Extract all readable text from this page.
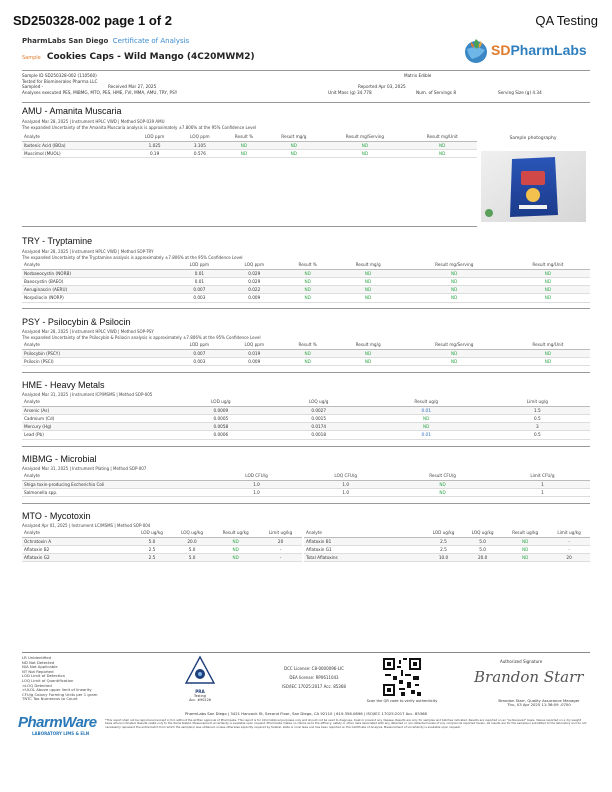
SD250328-002 page 1 of 2	QA Testing
PharmLabs San Diego Certificate of Analysis
Sample Cookies Caps - Wild Mango (4C20MWM2)	SDPharmLabs
Sample ID SD250328-002 (110560)	Matrix Edible
Tested for Biominerales Pharma LLC
Sampled -	Received Mar 27, 2025	Reported Apr 03, 2025
Analyses executed PES, MIBMG, MTO, PES, HME, FVI, MMA, AMU, TRY, PSY	Unit Mass (g) 34.778	Num. of Servings 8	Serving Size (g) 4.34
AMU - Amanita Muscaria
Analyzed Mar 28, 2025 | Instrument HPLC VWD | Method SOP-039 AMU
The expanded Uncertainty of the Amanita Muscaria analysis is approximately ±7.806% at the 95% Confidence Level
Analyte	LOD ppm	LOQ ppm	Result %	Result mg/g	Result mg/Serving	Result mg/Unit
Ibotenic Acid (IBOa)	1.025	3.105	ND	ND	ND	ND
Muscimol (MUOL)	0.19	0.576	ND	ND	ND	ND
Sample photography
TRY - Tryptamine
Analyzed Mar 28, 2025 | Instrument HPLC VWD | Method SOP-TRY
The expanded Uncertainty of the Tryptamine analysis is approximately ±7.806% at the 95% Confidence Level
Analyte	LOD ppm	LOQ ppm	Result %	Result mg/g	Result mg/Serving	Result mg/Unit
Norbaeocystin (NORB)	0.01	0.029	ND	ND	ND	ND
Baeocystin (BAEO)	0.01	0.029	ND	ND	ND	ND
Aeruginascin (AERU)	0.007	0.022	ND	ND	ND	ND
Norpsilocin (NORP)	0.003	0.009	ND	ND	ND	ND
PSY - Psilocybin & Psilocin
Analyzed Mar 28, 2025 | Instrument HPLC VWD | Method SOP-PSY
The expanded Uncertainty of the Psilocybin & Psilocin analysis is approximately ±7.806% at the 95% Confidence Level
Analyte	LOD ppm	LOQ ppm	Result %	Result mg/g	Result mg/Serving	Result mg/Unit
Psilocybin (PSCY)	0.007	0.019	ND	ND	ND	ND
Psilocin (PSCI)	0.003	0.009	ND	ND	ND	ND
HME - Heavy Metals
Analyzed Mar 31, 2025 | Instrument ICP/MSMS | Method SOP-005
Analyte	LOD ug/g	LOQ ug/g	Result ug/g	Limit ug/g
Arsenic (As)	0.0009	0.0027	0.01	1.5
Cadmium (Cd)	0.0005	0.0015	ND	0.5
Mercury (Hg)	0.0058	0.0174	ND	3
Lead (Pb)	0.0006	0.0018	0.01	0.5
MIBMG - Microbial
Analyzed Mar 31, 2025 | Instrument Plating | Method SOP-007
Analyte	LOD CFU/g	LOQ CFU/g	Result CFU/g	Limit CFU/g
Shiga toxin-producing Escherichia Coli	1.0	1.0	ND	1
Salmonella spp.	1.0	1.0	ND	1
MTO - Mycotoxin
Analyzed Apr 01, 2025 | Instrument LC/MSMS | Method SOP-004
Analyte	LOD ug/kg	LOQ ug/kg	Result ug/kg	Limit ug/kg
Ochratoxin A	5.0	20.0	ND	20
Aflatoxin B2	2.5	5.0	ND	-
Aflatoxin G2	2.5	5.0	ND	-
Analyte	LOD ug/kg	LOQ ug/kg	Result ug/kg	Limit ug/kg
Aflatoxin B1	2.5	5.0	ND	-
Aflatoxin G1	2.5	5.0	ND	-
Total Aflatoxins	10.0	20.0	ND	20
LR Unidentified
ND Not Detected
N/A Not Applicable
NT Not Reported
LOD Limit of Detection
LOQ Limit of Quantification
<LOQ Detected
>ULOL Above upper limit of linearity
CFU/g Colony Forming Units per 1 gram
TNTC Too Numerous to Count
PharmWare
LABORATORY LIMS & ELN
PRA
Testing
Acc. #90226
DCC License: C8-0000096-LIC
DEA license: RP0611043
ISO/IEC 17025:2017 Acc. 85368
Scan the QR code to verify authenticity
Authorized Signature
Brandon Starr
Brandon Starr, Quality Assurance Manager
Thu, 03 Apr 2025 11:36:09 -0700
PharmLabs San Diego | 3421 Hancock St, Second Floor, San Diego, CA 92110 | 619.356.0896 | ISO/IEC 17025:2017 Acc. 85368
*This report shall not be reproduced except in full, without the written approval of PharmLabs. This report is for informational purposes only and should not be used to diagnose, treat or prevent any disease. Results are only for samples and batches indicated. Results are reported on an "As Received" basis. Values reported on a dry weight basis where indicated. Results relate only to the items tested. Measurement uncertainty is available upon request. PharmLabs makes no claims as to the efficacy, safety or other risks associated with any detected or non-detected levels of any compounds reported herein. All results are for the sample(s) submitted to the laboratory and do not necessarily represent the entire batch from which the sample(s) was obtained, unless otherwise explicitly required by federal, state or local laws and has been reported on the Certificate of Analysis. Measurement of uncertainty is available upon request.
